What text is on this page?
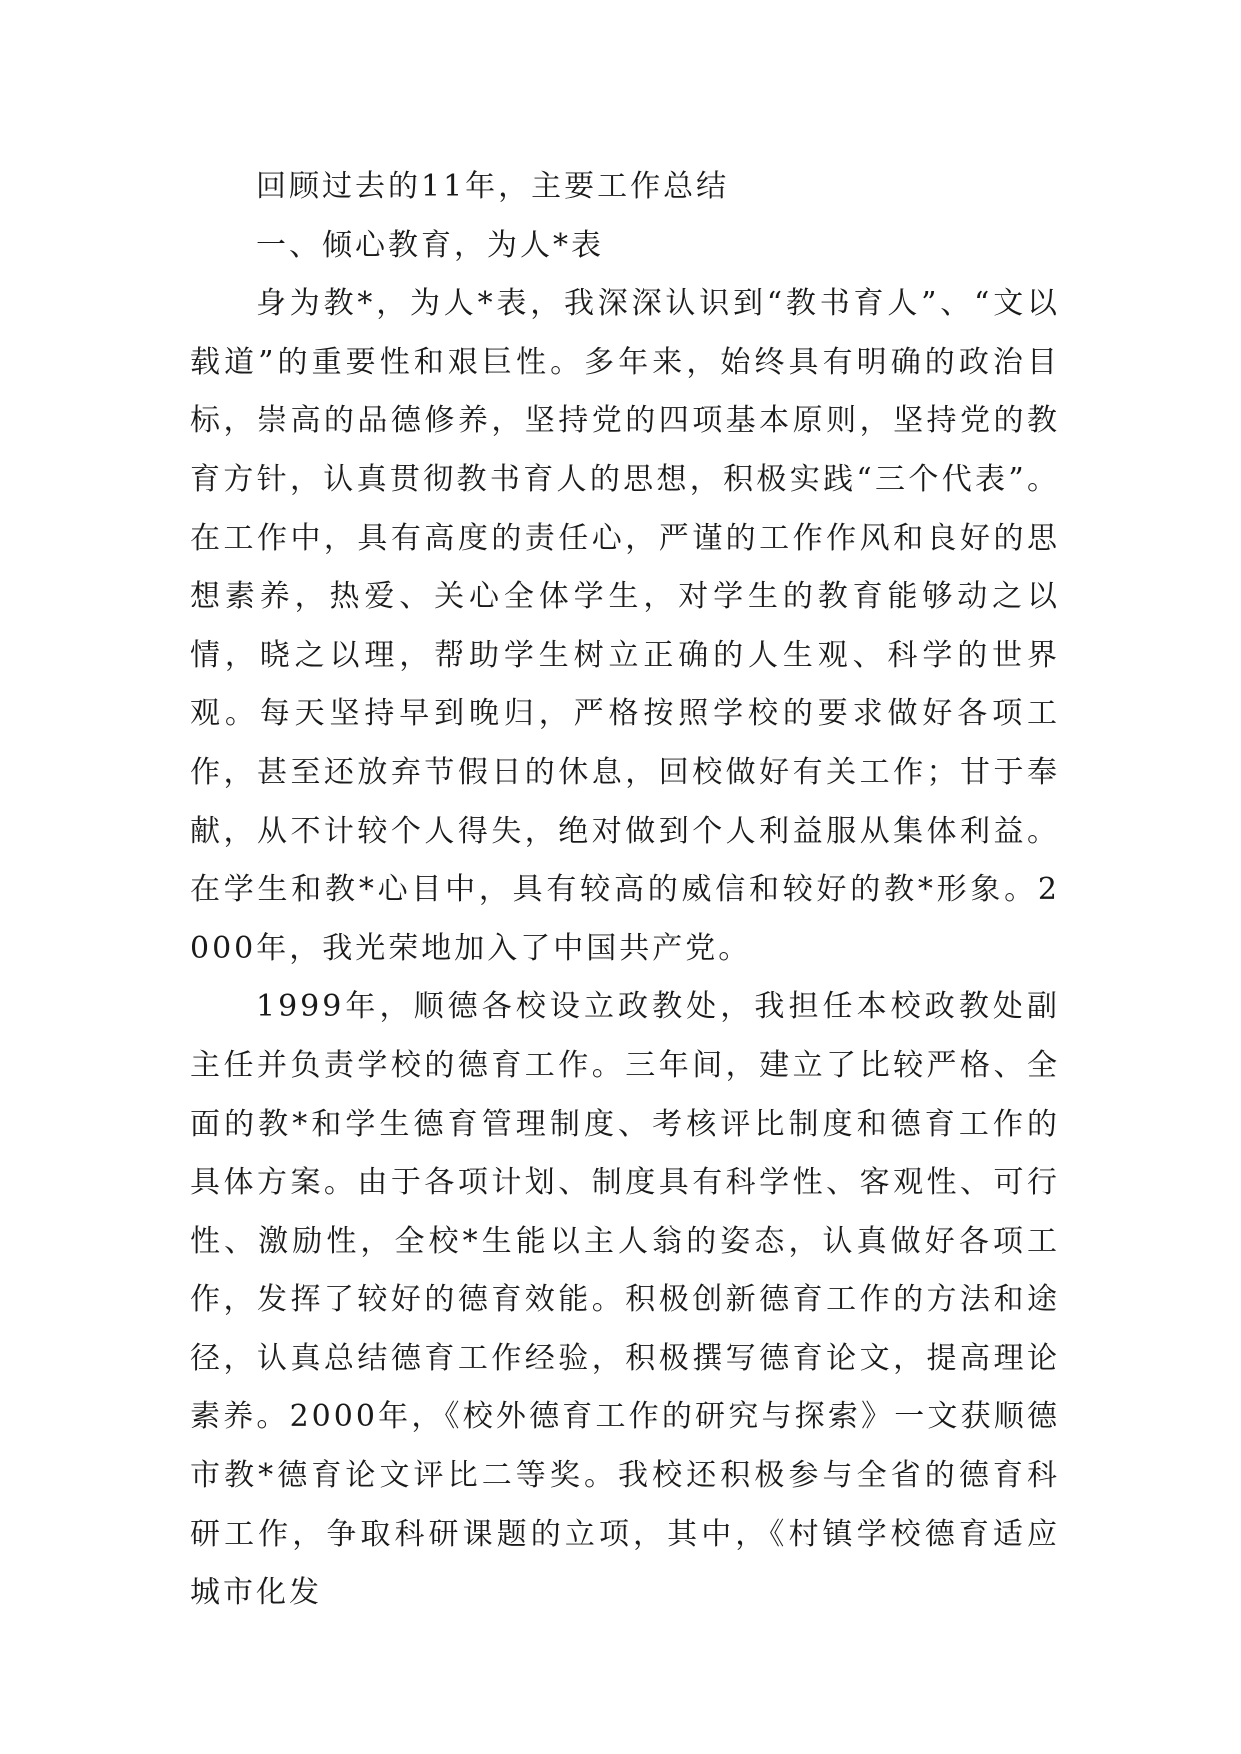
回顾过去的11年，主要工作总结

一、倾心教育，为人*表

身为教*，为人*表，我深深认识到“教书育人”、“文以载道”的重要性和艰巨性。多年来，始终具有明确的政治目标，崇高的品德修养，坚持党的四项基本原则，坚持党的教育方针，认真贯彻教书育人的思想，积极实践“三个代表”。在工作中，具有高度的责任心，严谨的工作作风和良好的思想素养，热爱、关心全体学生，对学生的教育能够动之以情，晓之以理，帮助学生树立正确的人生观、科学的世界观。每天坚持早到晚归，严格按照学校的要求做好各项工作，甚至还放弃节假日的休息，回校做好有关工作；甘于奉献，从不计较个人得失，绝对做到个人利益服从集体利益。在学生和教*心目中，具有较高的威信和较好的教*形象。2000年，我光荣地加入了中国共产党。

1999年，顺德各校设立政教处，我担任本校政教处副主任并负责学校的德育工作。三年间，建立了比较严格、全面的教*和学生德育管理制度、考核评比制度和德育工作的具体方案。由于各项计划、制度具有科学性、客观性、可行性、激励性，全校*生能以主人翁的姿态，认真做好各项工作，发挥了较好的德育效能。积极创新德育工作的方法和途径，认真总结德育工作经验，积极撰写德育论文，提高理论素养。2000年，《校外德育工作的研究与探索》一文获顺德市教*德育论文评比二等奖。我校还积极参与全省的德育科研工作，争取科研课题的立项，其中，《村镇学校德育适应城市化发
